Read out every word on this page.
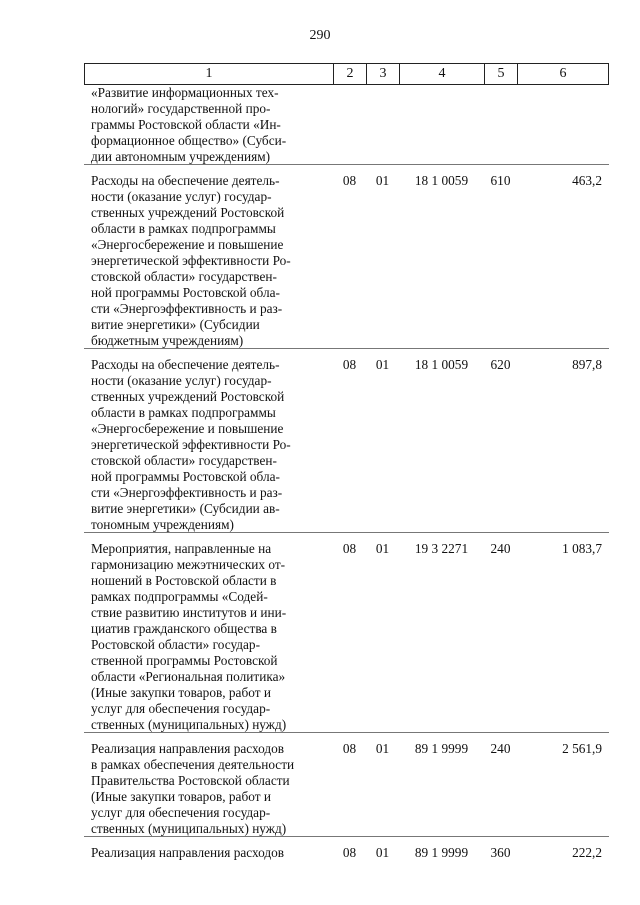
290
1	2	3	4	5	6
«Развитие информационных тех-
нологий» государственной про-
граммы Ростовской области «Ин-
формационное общество» (Субси-
дии автономным учреждениям)
Расходы на обеспечение деятель-
ности (оказание услуг) государ-
ственных учреждений Ростовской
области в рамках подпрограммы
«Энергосбережение и повышение
энергетической эффективности Ро-
стовской области» государствен-
ной программы Ростовской обла-
сти «Энергоэффективность и раз-
витие энергетики» (Субсидии
бюджетным учреждениям)
08	01	18 1 0059	610	463,2
Расходы на обеспечение деятель-
ности (оказание услуг) государ-
ственных учреждений Ростовской
области в рамках подпрограммы
«Энергосбережение и повышение
энергетической эффективности Ро-
стовской области» государствен-
ной программы Ростовской обла-
сти «Энергоэффективность и раз-
витие энергетики» (Субсидии ав-
тономным учреждениям)
08	01	18 1 0059	620	897,8
Мероприятия, направленные на
гармонизацию межэтнических от-
ношений в Ростовской области в
рамках подпрограммы «Содей-
ствие развитию институтов и ини-
циатив гражданского общества в
Ростовской области» государ-
ственной программы Ростовской
области «Региональная политика»
(Иные закупки товаров, работ и
услуг для обеспечения государ-
ственных (муниципальных) нужд)
08	01	19 3 2271	240	1 083,7
Реализация направления расходов
в рамках обеспечения деятельности
Правительства Ростовской области
(Иные закупки товаров, работ и
услуг для обеспечения государ-
ственных (муниципальных) нужд)
08	01	89 1 9999	240	2 561,9
Реализация направления расходов	08	01	89 1 9999	360	222,2
